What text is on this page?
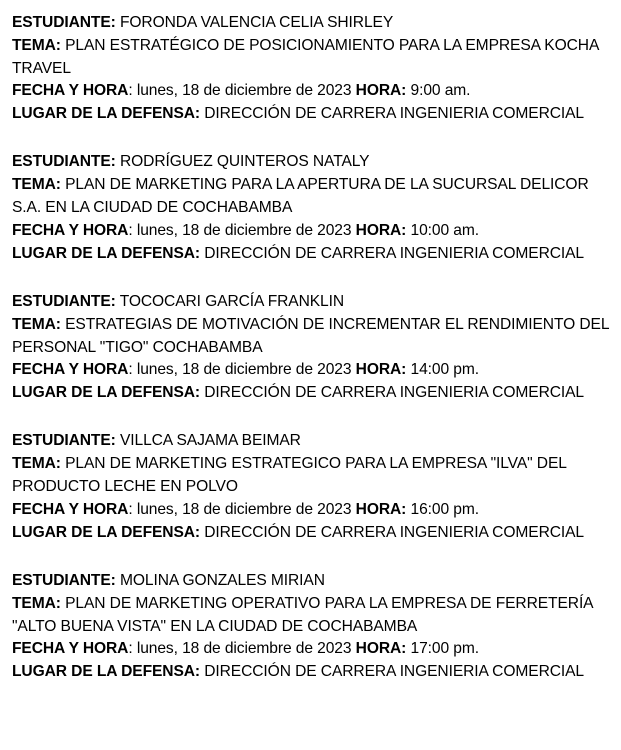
ESTUDIANTE: FORONDA VALENCIA CELIA SHIRLEY
TEMA: PLAN ESTRATÉGICO DE POSICIONAMIENTO PARA LA EMPRESA KOCHA TRAVEL
FECHA Y HORA: lunes, 18 de diciembre de 2023 HORA: 9:00 am.
LUGAR DE LA DEFENSA: DIRECCIÓN DE CARRERA INGENIERIA COMERCIAL
ESTUDIANTE: RODRÍGUEZ QUINTEROS NATALY
TEMA: PLAN DE MARKETING PARA LA APERTURA DE LA SUCURSAL DELICOR S.A. EN LA CIUDAD DE COCHABAMBA
FECHA Y HORA: lunes, 18 de diciembre de 2023 HORA: 10:00 am.
LUGAR DE LA DEFENSA: DIRECCIÓN DE CARRERA INGENIERIA COMERCIAL
ESTUDIANTE: TOCOCARI GARCÍA FRANKLIN
TEMA: ESTRATEGIAS DE MOTIVACIÓN DE INCREMENTAR EL RENDIMIENTO DEL PERSONAL "TIGO" COCHABAMBA
FECHA Y HORA: lunes, 18 de diciembre de 2023 HORA: 14:00 pm.
LUGAR DE LA DEFENSA: DIRECCIÓN DE CARRERA INGENIERIA COMERCIAL
ESTUDIANTE: VILLCA SAJAMA BEIMAR
TEMA: PLAN DE MARKETING ESTRATEGICO PARA LA EMPRESA "ILVA" DEL PRODUCTO LECHE EN POLVO
FECHA Y HORA: lunes, 18 de diciembre de 2023 HORA: 16:00 pm.
LUGAR DE LA DEFENSA: DIRECCIÓN DE CARRERA INGENIERIA COMERCIAL
ESTUDIANTE: MOLINA GONZALES MIRIAN
TEMA: PLAN DE MARKETING OPERATIVO PARA LA EMPRESA DE FERRETERÍA "ALTO BUENA VISTA" EN LA CIUDAD DE COCHABAMBA
FECHA Y HORA: lunes, 18 de diciembre de 2023 HORA: 17:00 pm.
LUGAR DE LA DEFENSA: DIRECCIÓN DE CARRERA INGENIERIA COMERCIAL
